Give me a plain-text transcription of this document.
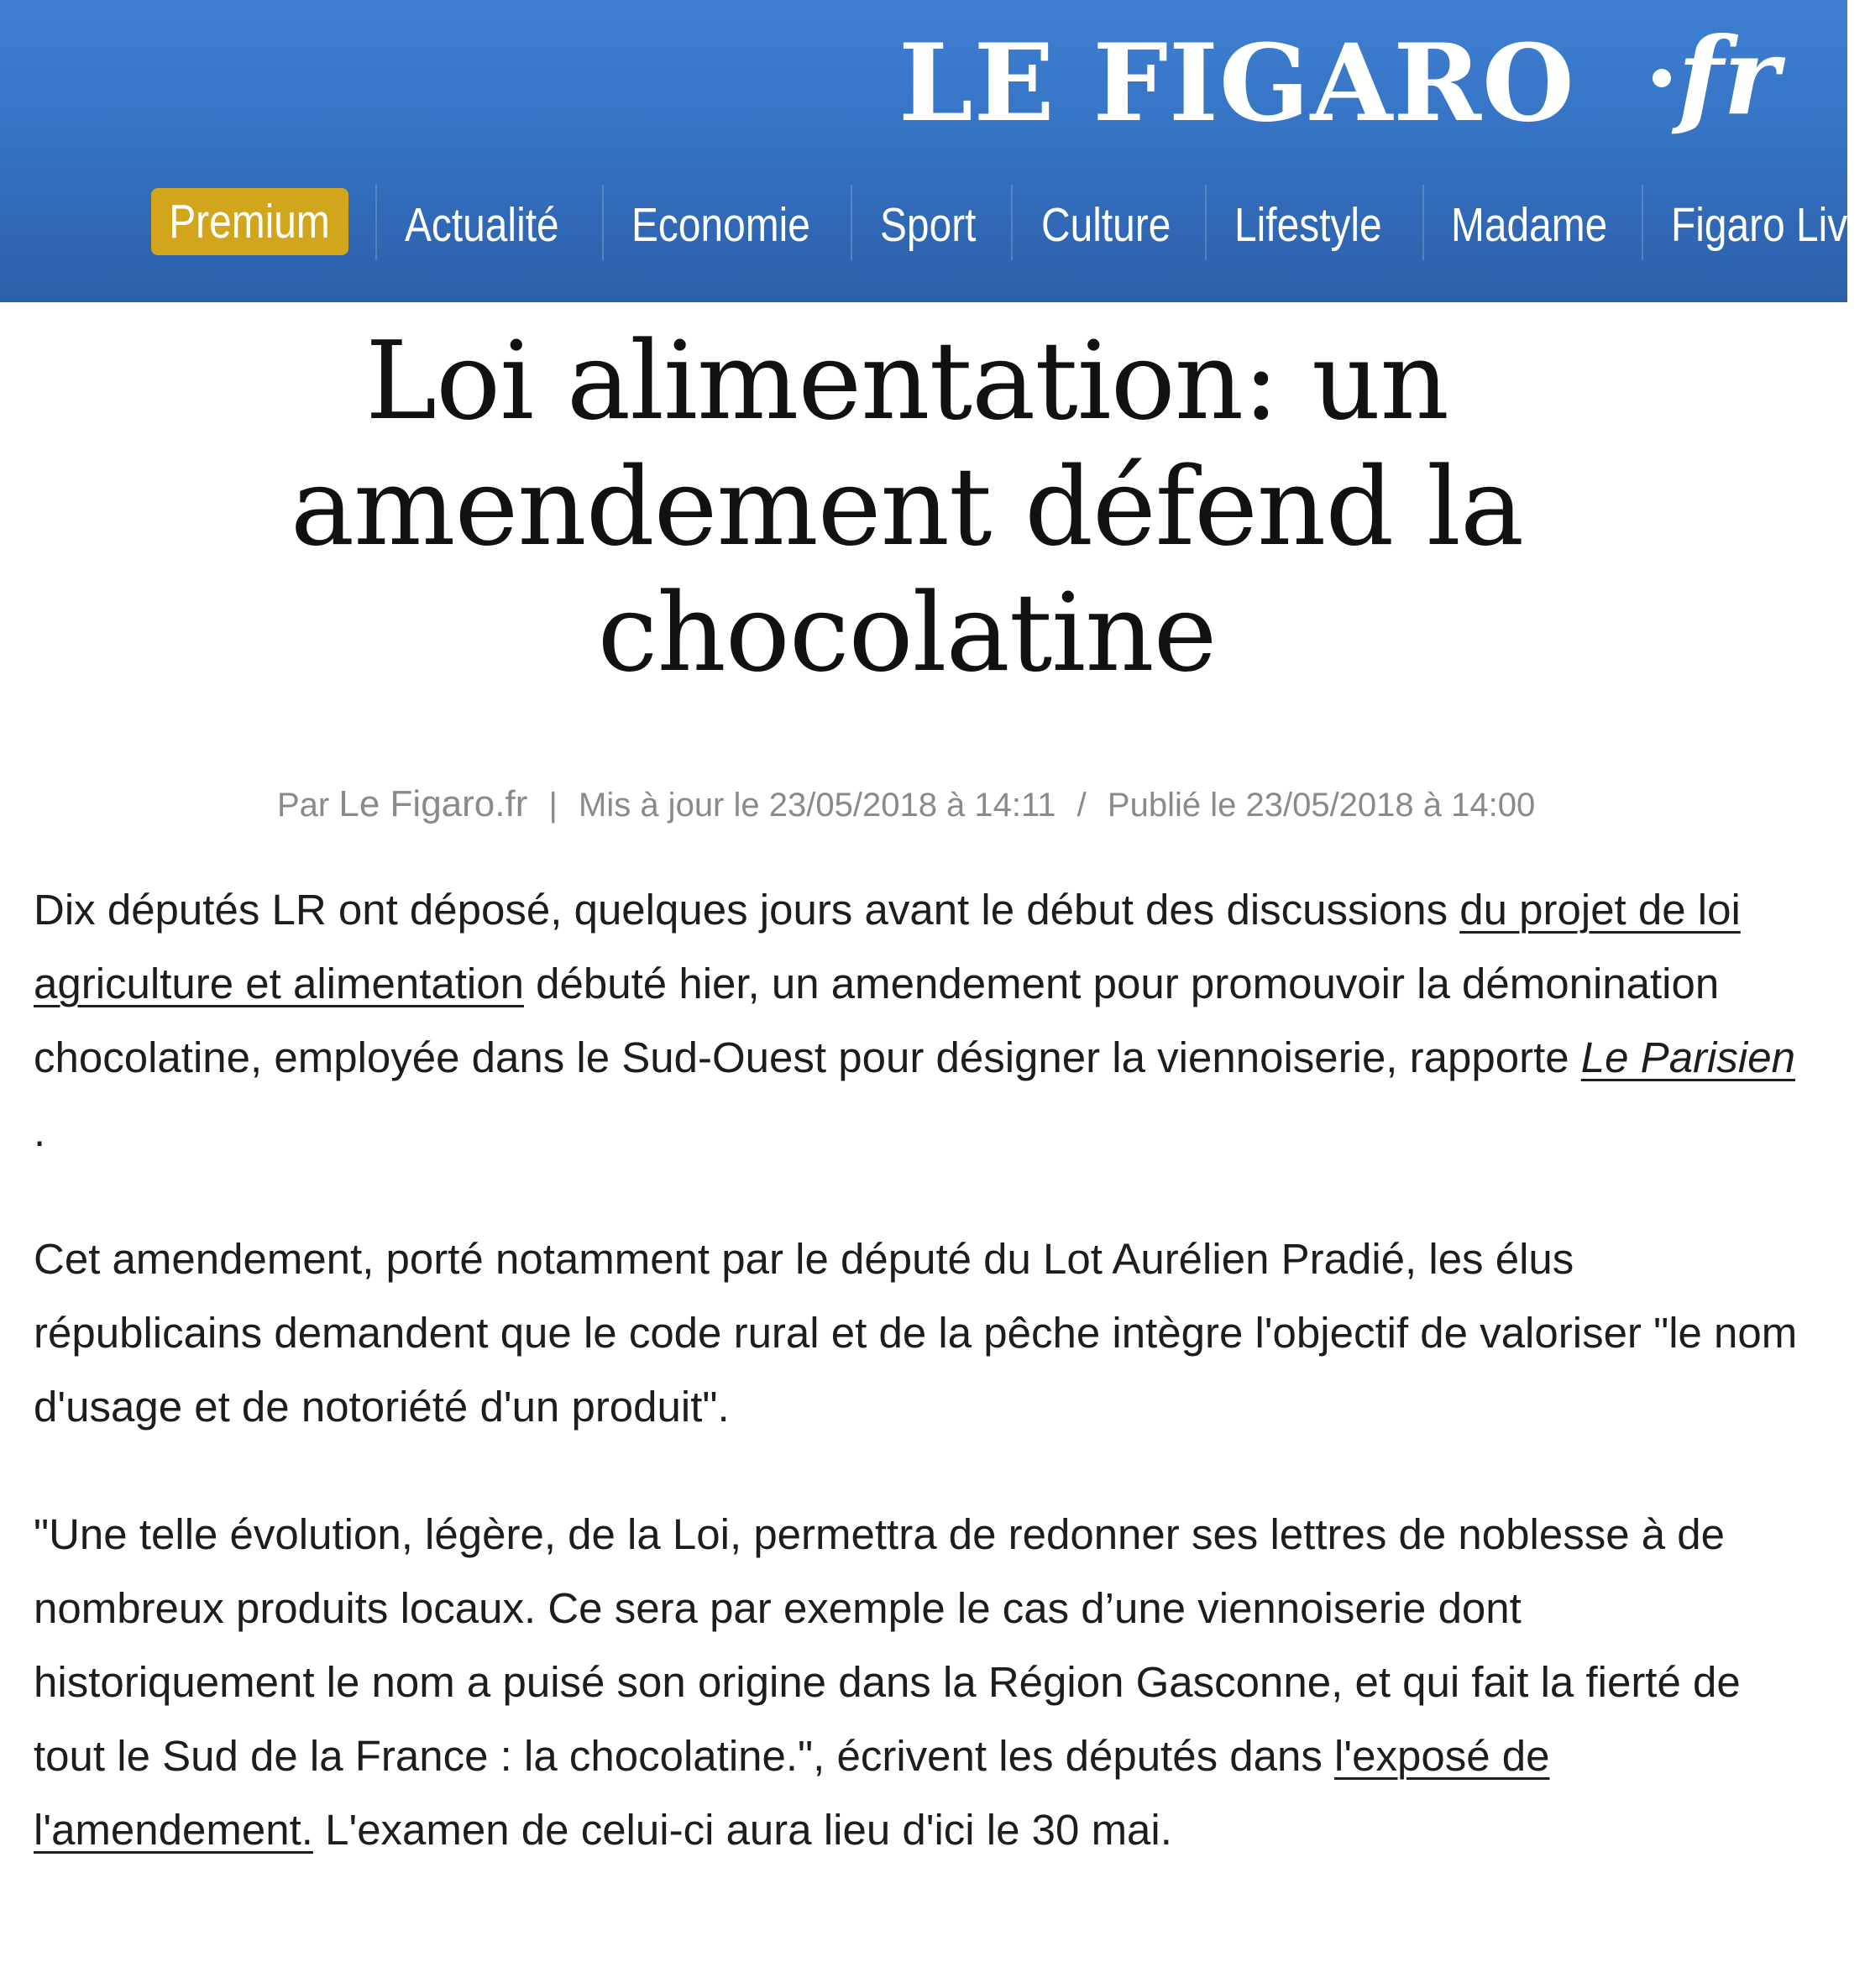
LE FIGARO fr
Premium	Actualité Economie Sport Culture Lifestyle Madame Figaro Live
Loi alimentation: un amendement défend la chocolatine
Par Le Figaro.fr | Mis à jour le 23/05/2018 à 14:11 / Publié le 23/05/2018 à 14:00

Dix députés LR ont déposé, quelques jours avant le début des discussions du projet de loi agriculture et alimentation débuté hier, un amendement pour promouvoir la démonination chocolatine, employée dans le Sud-Ouest pour désigner la viennoiserie, rapporte Le Parisien .

Cet amendement, porté notamment par le député du Lot Aurélien Pradié, les élus républicains demandent que le code rural et de la pêche intègre l'objectif de valoriser "le nom d'usage et de notoriété d'un produit".

"Une telle évolution, légère, de la Loi, permettra de redonner ses lettres de noblesse à de nombreux produits locaux. Ce sera par exemple le cas d’une viennoiserie dont historiquement le nom a puisé son origine dans la Région Gasconne, et qui fait la fierté de tout le Sud de la France : la chocolatine.", écrivent les députés dans l'exposé de l'amendement. L'examen de celui-ci aura lieu d'ici le 30 mai.
